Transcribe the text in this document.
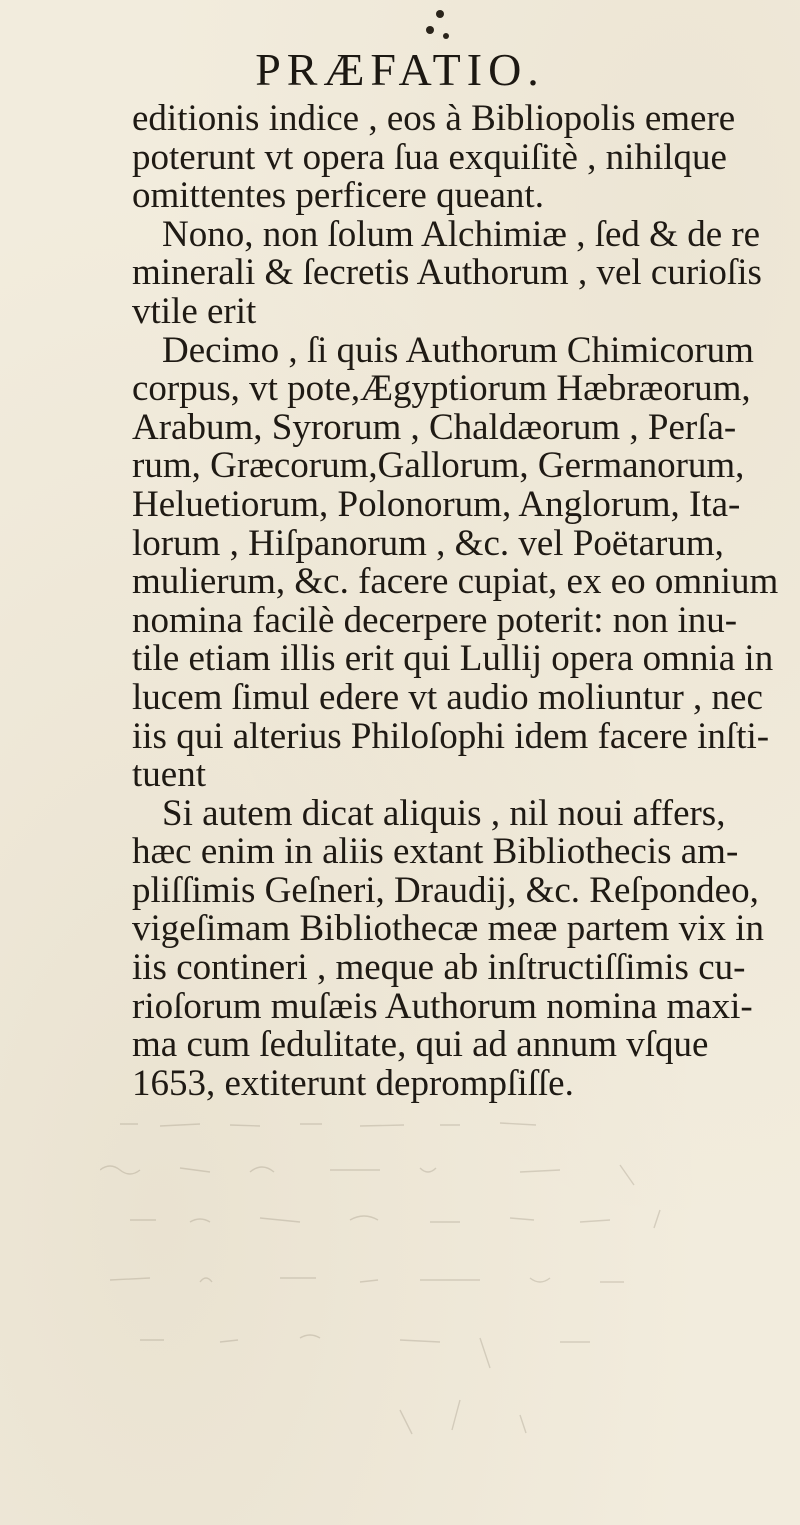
PRÆFATIO.
editionis indice , eos à Bibliopolis emere
poterunt vt opera ſua exquiſitè , nihilque
omittentes perficere queant.
Nono, non ſolum Alchimiæ , ſed & de re
minerali & ſecretis Authorum , vel curioſis
vtile erit
Decimo , ſi quis Authorum Chimicorum
corpus, vt pote,Ægyptiorum Hæbræorum,
Arabum, Syrorum , Chaldæorum , Perſa-
rum, Græcorum,Gallorum, Germanorum,
Heluetiorum, Polonorum, Anglorum, Ita-
lorum , Hiſpanorum , &c. vel Poëtarum,
mulierum, &c. facere cupiat, ex eo omnium
nomina facilè decerpere poterit: non inu-
tile etiam illis erit qui Lullij opera omnia in
lucem ſimul edere vt audio moliuntur , nec
iis qui alterius Philoſophi idem facere inſti-
tuent
Si autem dicat aliquis , nil noui affers,
hæc enim in aliis extant Bibliothecis am-
pliſſimis Geſneri, Draudij, &c. Reſpondeo,
vigeſimam Bibliothecæ meæ partem vix in
iis contineri , meque ab inſtructiſſimis cu-
rioſorum muſæis Authorum nomina maxi-
ma cum ſedulitate, qui ad annum vſque
1653, extiterunt deprompſiſſe.
